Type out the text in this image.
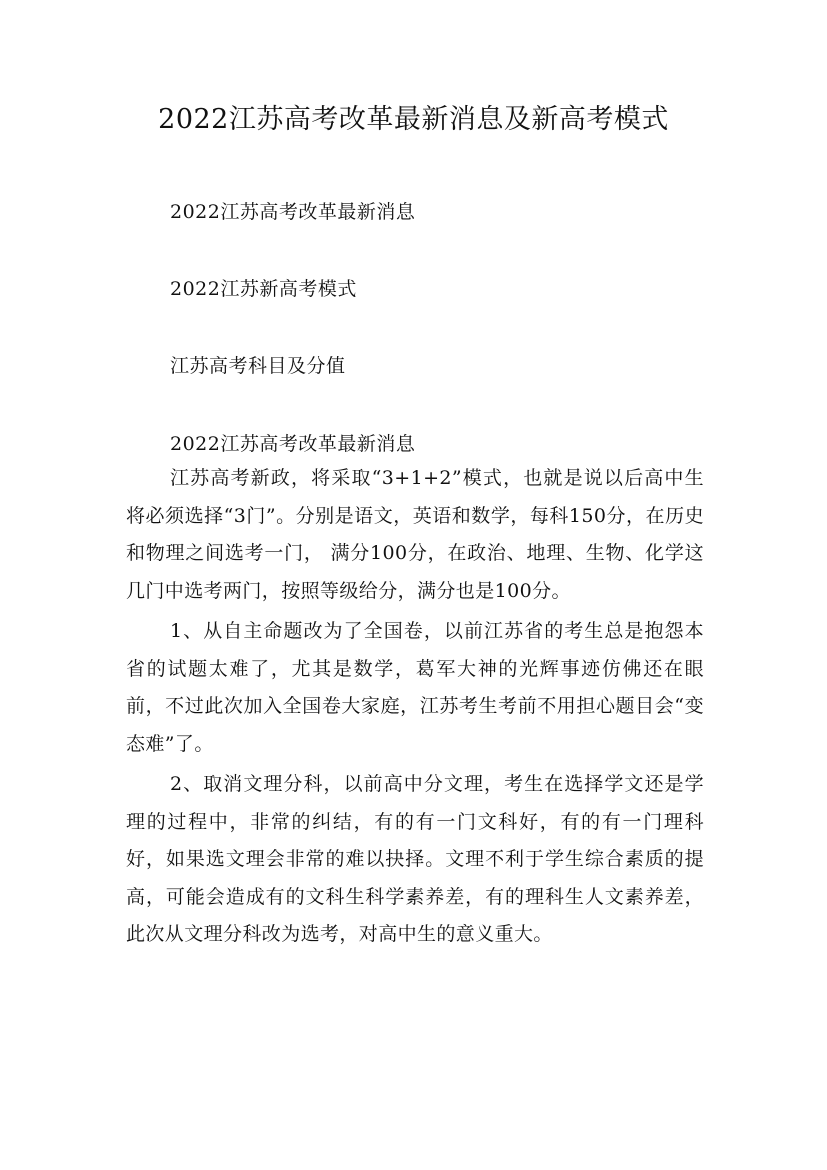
2022江苏高考改革最新消息及新高考模式
2022江苏高考改革最新消息
2022江苏新高考模式
江苏高考科目及分值
2022江苏高考改革最新消息

江苏高考新政，将采取“3+1+2”模式，也就是说以后高中生将必须选择“3门”。分别是语文，英语和数学，每科150分，在历史和物理之间选考一门， 满分100分，在政治、地理、生物、化学这几门中选考两门，按照等级给分，满分也是100分。

1、从自主命题改为了全国卷，以前江苏省的考生总是抱怨本省的试题太难了，尤其是数学，葛军大神的光辉事迹仿佛还在眼前，不过此次加入全国卷大家庭，江苏考生考前不用担心题目会“变态难”了。

2、取消文理分科，以前高中分文理，考生在选择学文还是学理的过程中，非常的纠结，有的有一门文科好，有的有一门理科好，如果选文理会非常的难以抉择。文理不利于学生综合素质的提高，可能会造成有的文科生科学素养差，有的理科生人文素养差，此次从文理分科改为选考，对高中生的意义重大。
